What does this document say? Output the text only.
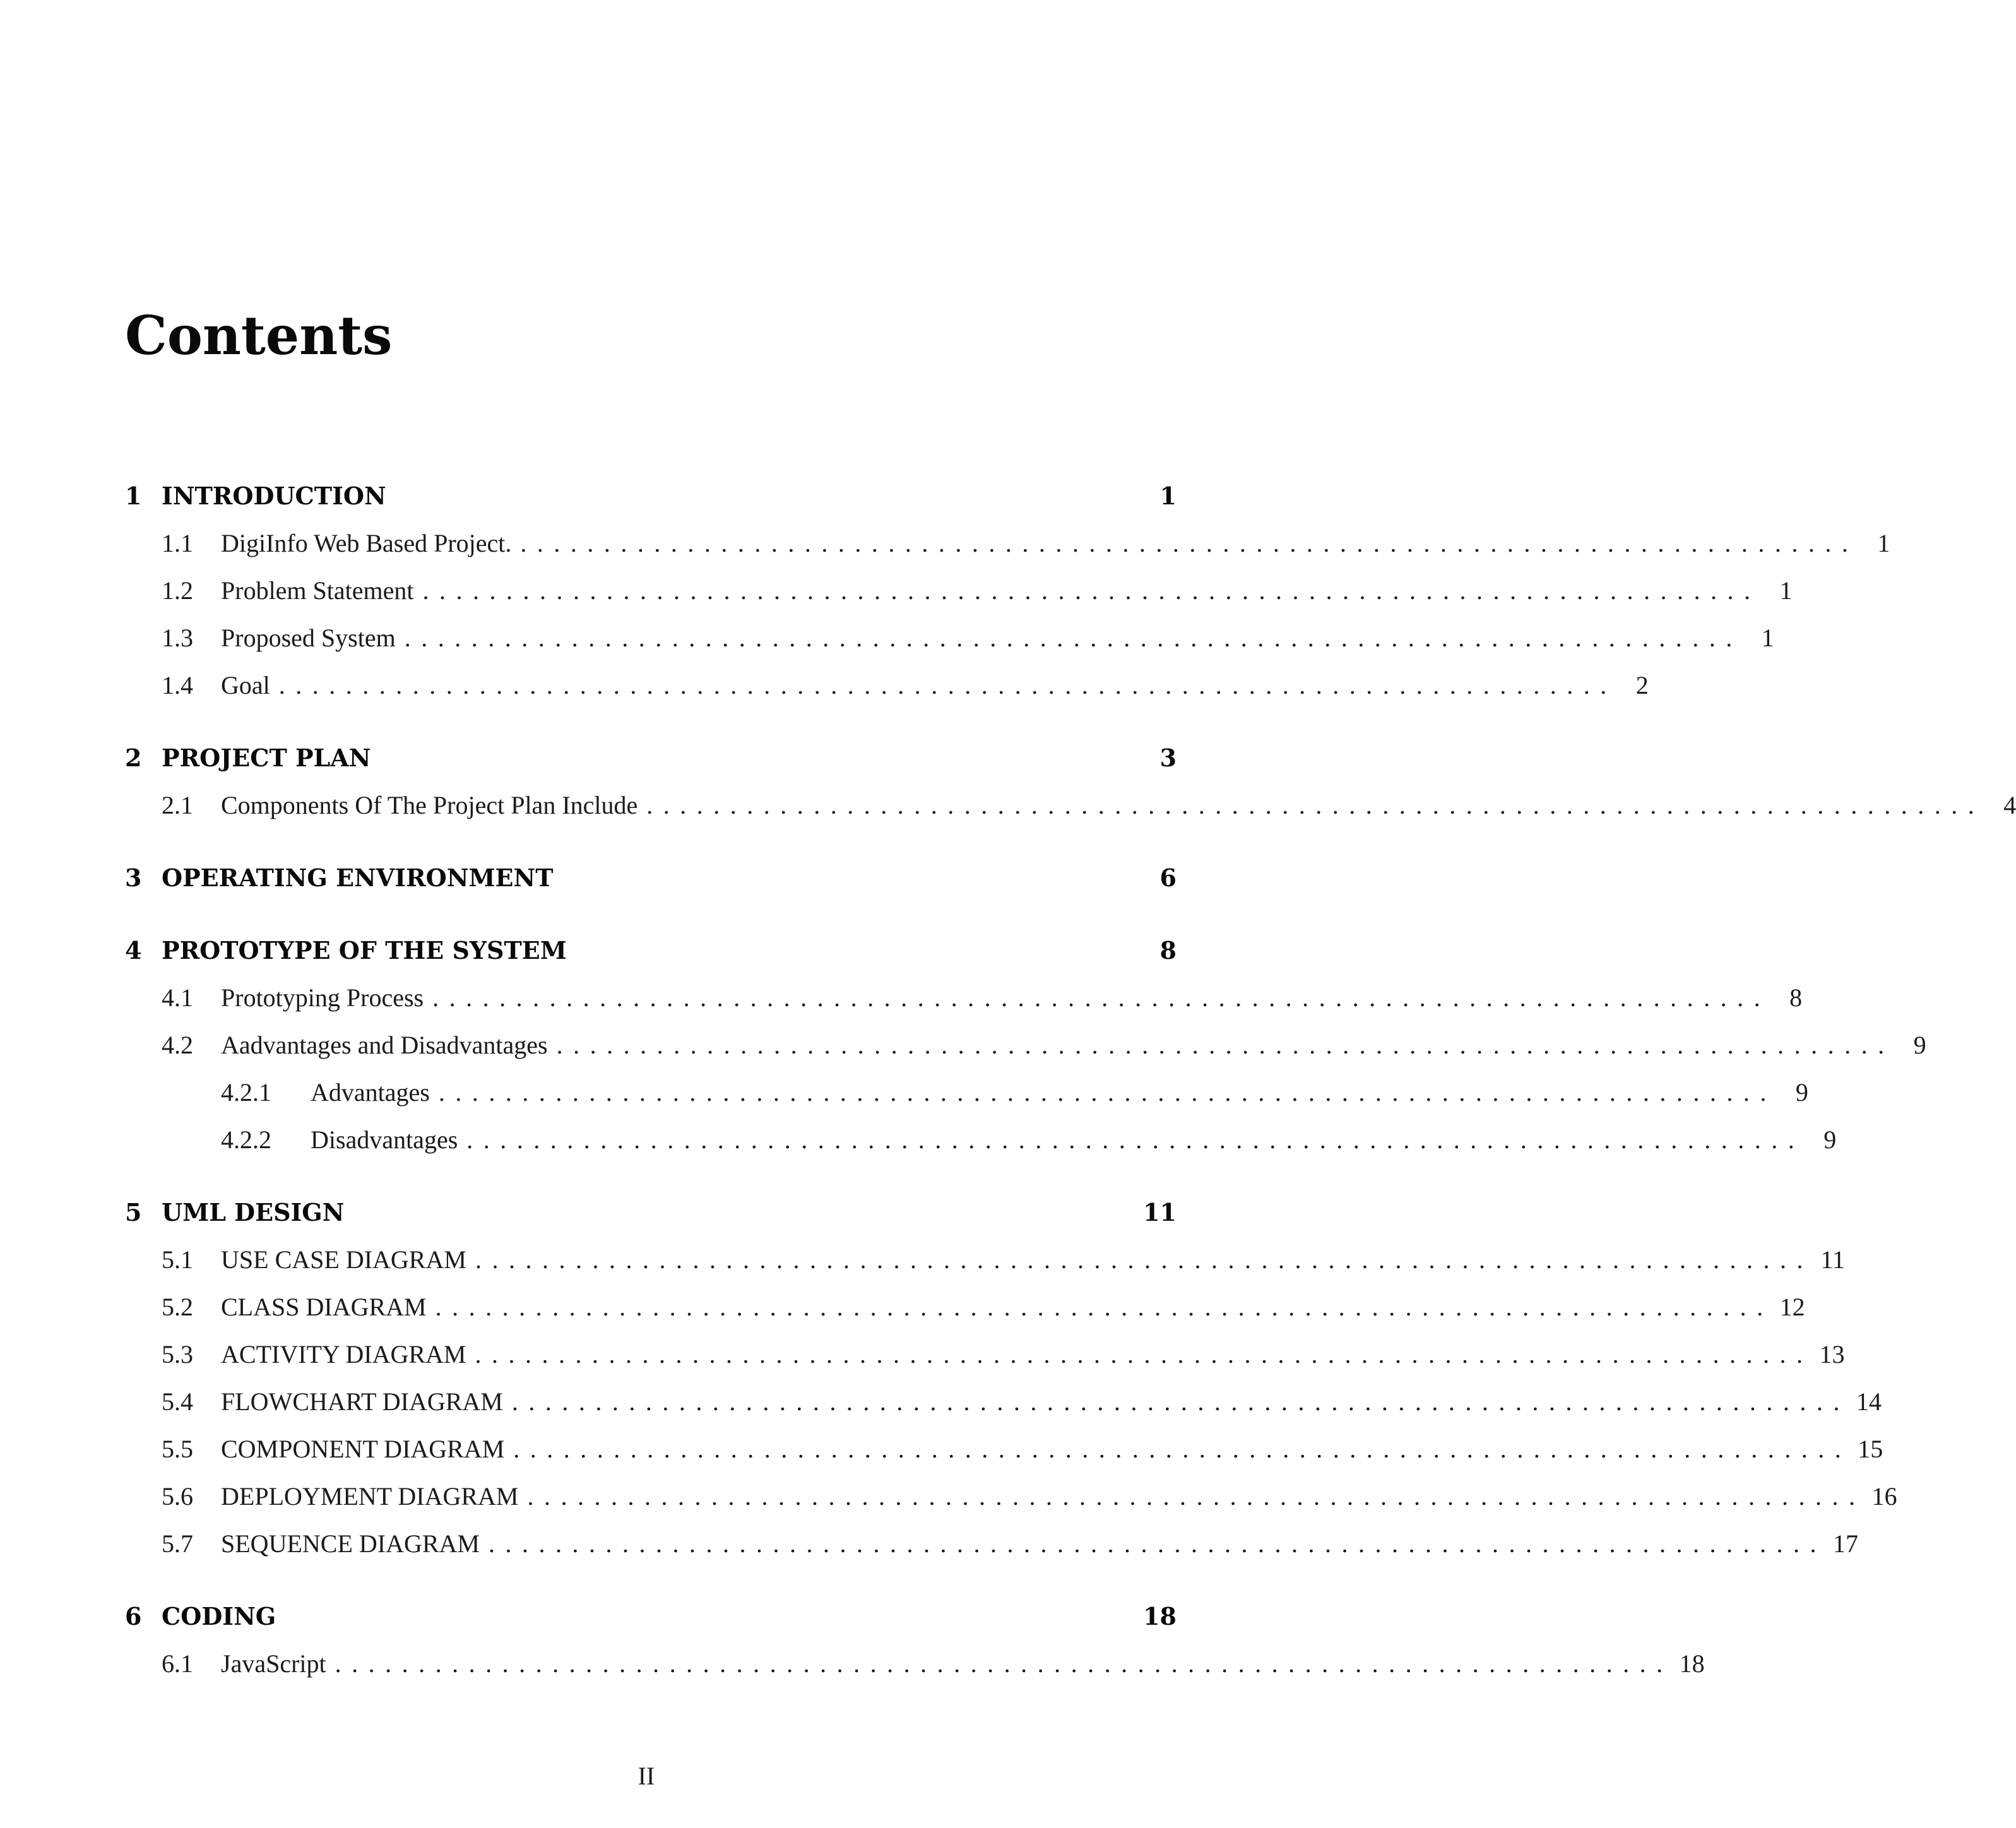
Contents
1 INTRODUCTION	1
1.1	DigiInfo Web Based Project. ................................................................................ 1
1.2	Problem Statement ................................................................................ 1
1.3	Proposed System ................................................................................ 1
1.4	Goal ................................................................................ 2
2 PROJECT PLAN	3
2.1	Components Of The Project Plan Include ................................................................................ 4
3 OPERATING ENVIRONMENT	6
4 PROTOTYPE OF THE SYSTEM	8
4.1	Prototyping Process ................................................................................ 8
4.2	Aadvantages and Disadvantages ................................................................................ 9
4.2.1	Advantages ................................................................................ 9
4.2.2	Disadvantages ................................................................................ 9
5 UML DESIGN	11
5.1	USE CASE DIAGRAM ................................................................................ 11
5.2	CLASS DIAGRAM ................................................................................ 12
5.3	ACTIVITY DIAGRAM ................................................................................ 13
5.4	FLOWCHART DIAGRAM ................................................................................ 14
5.5	COMPONENT DIAGRAM ................................................................................ 15
5.6	DEPLOYMENT DIAGRAM ................................................................................ 16
5.7	SEQUENCE DIAGRAM ................................................................................ 17
6 CODING	18
6.1	JavaScript ................................................................................ 18
II
